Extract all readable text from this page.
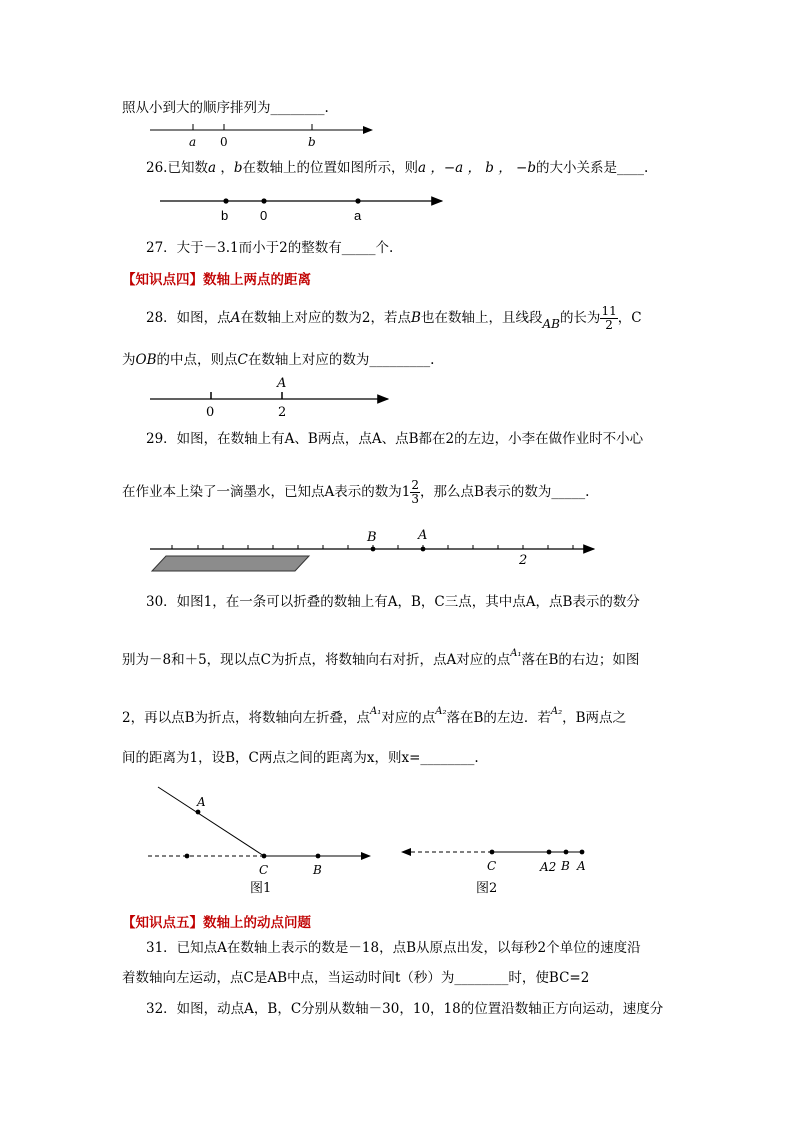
照从小到大的顺序排列为________.
a 0	b
b 0	a
0	2
A
B	A
2
A
C	B
图1
C	A2 B A
图2
26.已知数a ，b在数轴上的位置如图所示，则a ，−a ， b ， −b的大小关系是____.
27．大于－3.1而小于2的整数有_____个.
【知识点四】数轴上两点的距离
28．如图，点A在数轴上对应的数为2，若点B也在数轴上，且线段AB的长为 $\frac{11}{2}$ ，C
为OB的中点，则点C在数轴上对应的数为_________.
29．如图，在数轴上有A、B两点，点A、点B都在2的左边，小李在做作业时不小心
在作业本上染了一滴墨水，已知点A表示的数为$1 \frac{2}{3}$ ，那么点B表示的数为_____.
30．如图1，在一条可以折叠的数轴上有A，B，C三点，其中点A，点B表示的数分
别为－8和＋5，现以点C为折点，将数轴向右对折，点A对应的点$^{A_1}$落在B的右边；如图
2，再以点B为折点，将数轴向左折叠，点$^{A_1}$对应的点$^{A_2}$落在B的左边．若$^{A_2}$，B两点之
间的距离为1，设B，C两点之间的距离为x，则x=________.
【知识点五】数轴上的动点问题
31．已知点A在数轴上表示的数是－18，点B从原点出发，以每秒2个单位的速度沿
着数轴向左运动，点C是AB中点，当运动时间t（秒）为________时，使BC=2
32．如图，动点A，B，C分别从数轴－30，10，18的位置沿数轴正方向运动，速度分
